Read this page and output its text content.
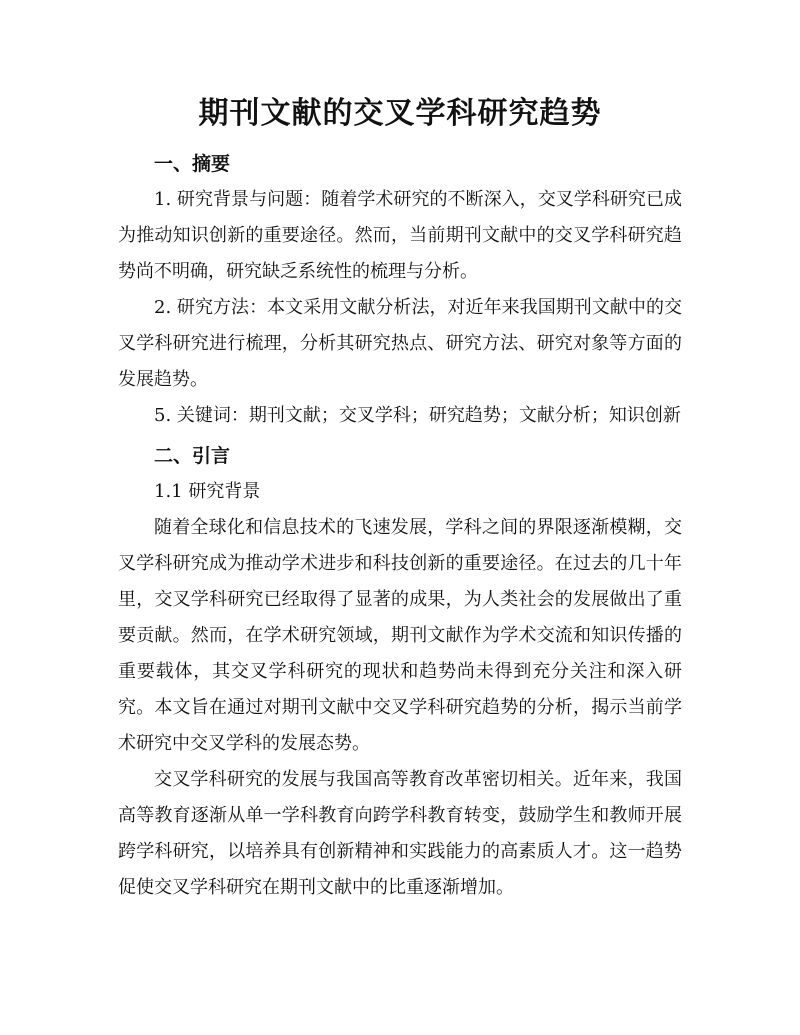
期刊文献的交叉学科研究趋势

一、摘要

1. 研究背景与问题：随着学术研究的不断深入，交叉学科研究已成为推动知识创新的重要途径。然而，当前期刊文献中的交叉学科研究趋势尚不明确，研究缺乏系统性的梳理与分析。

2. 研究方法：本文采用文献分析法，对近年来我国期刊文献中的交叉学科研究进行梳理，分析其研究热点、研究方法、研究对象等方面的发展趋势。

5. 关键词：期刊文献；交叉学科；研究趋势；文献分析；知识创新

二、引言

1.1 研究背景

随着全球化和信息技术的飞速发展，学科之间的界限逐渐模糊，交叉学科研究成为推动学术进步和科技创新的重要途径。在过去的几十年里，交叉学科研究已经取得了显著的成果，为人类社会的发展做出了重要贡献。然而，在学术研究领域，期刊文献作为学术交流和知识传播的重要载体，其交叉学科研究的现状和趋势尚未得到充分关注和深入研究。本文旨在通过对期刊文献中交叉学科研究趋势的分析，揭示当前学术研究中交叉学科的发展态势。

交叉学科研究的发展与我国高等教育改革密切相关。近年来，我国高等教育逐渐从单一学科教育向跨学科教育转变，鼓励学生和教师开展跨学科研究，以培养具有创新精神和实践能力的高素质人才。这一趋势促使交叉学科研究在期刊文献中的比重逐渐增加。
